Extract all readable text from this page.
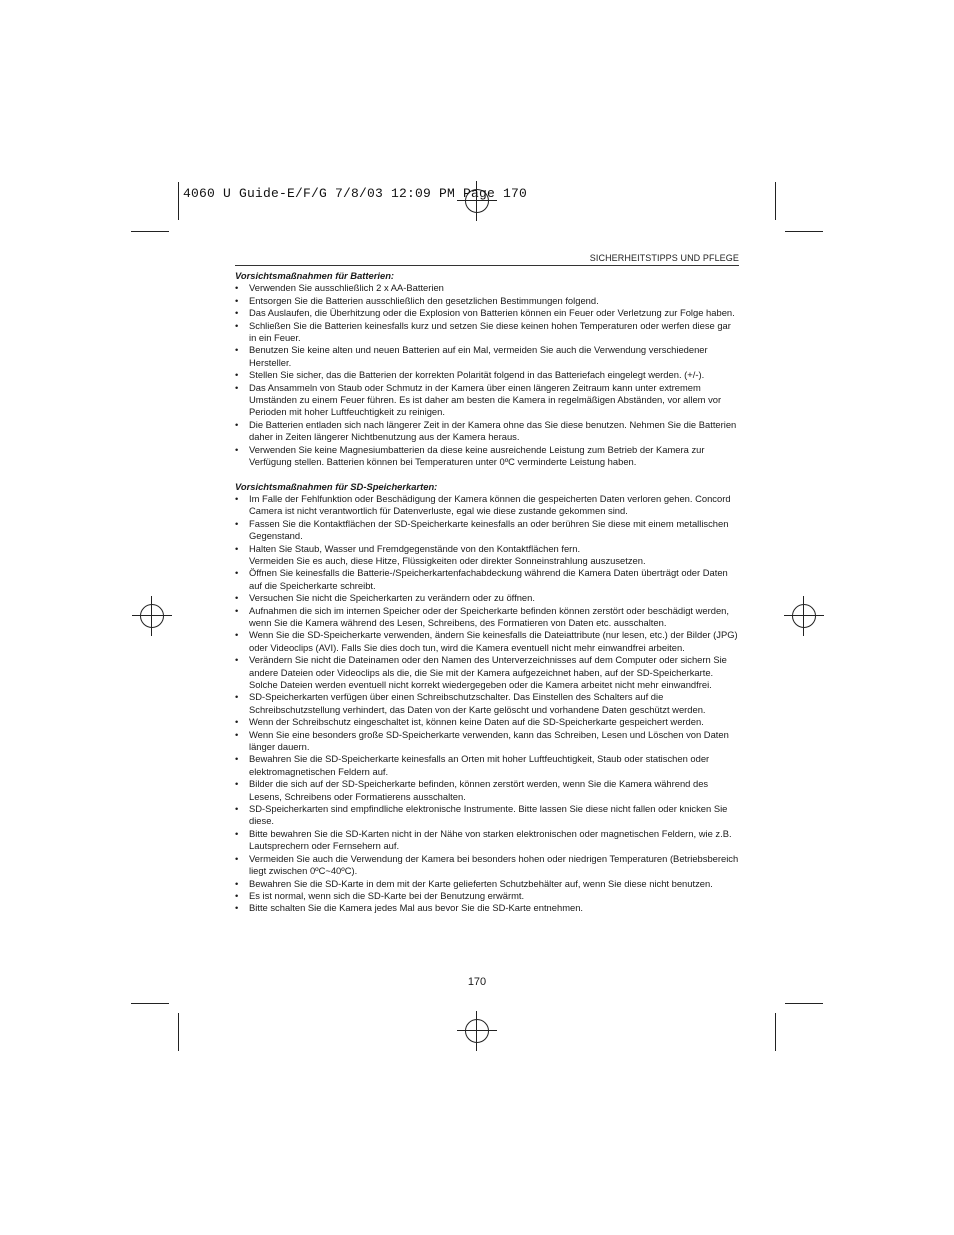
4060 U Guide-E/F/G 7/8/03 12:09 PM Page 170
SICHERHEITSTIPPS UND PFLEGE

Vorsichtsmaßnahmen für Batterien:

• Verwenden Sie ausschließlich 2 x AA-Batterien
• Entsorgen Sie die Batterien ausschließlich den gesetzlichen Bestimmungen folgend.
• Das Auslaufen, die Überhitzung oder die Explosion von Batterien können ein Feuer oder Verletzung zur Folge haben.
• Schließen Sie die Batterien keinesfalls kurz und setzen Sie diese keinen hohen Temperaturen oder werfen diese gar in ein Feuer.
• Benutzen Sie keine alten und neuen Batterien auf ein Mal, vermeiden Sie auch die Verwendung verschiedener Hersteller.
• Stellen Sie sicher, das die Batterien der korrekten Polarität folgend in das Batteriefach eingelegt werden. (+/-).
• Das Ansammeln von Staub oder Schmutz in der Kamera über einen längeren Zeitraum kann unter extremem Umständen zu einem Feuer führen. Es ist daher am besten die Kamera in regelmäßigen Abständen, vor allem vor Perioden mit hoher Luftfeuchtigkeit zu reinigen.
• Die Batterien entladen sich nach längerer Zeit in der Kamera ohne das Sie diese benutzen. Nehmen Sie die Batterien daher in Zeiten längerer Nichtbenutzung aus der Kamera heraus.
• Verwenden Sie keine Magnesiumbatterien da diese keine ausreichende Leistung zum Betrieb der Kamera zur Verfügung stellen. Batterien können bei Temperaturen unter 0ºC verminderte Leistung haben.

Vorsichtsmaßnahmen für SD-Speicherkarten:

• Im Falle der Fehlfunktion oder Beschädigung der Kamera können die gespeicherten Daten verloren gehen. Concord Camera ist nicht verantwortlich für Datenverluste, egal wie diese zustande gekommen sind.
• Fassen Sie die Kontaktflächen der SD-Speicherkarte keinesfalls an oder berühren Sie diese mit einem metallischen Gegenstand.
• Halten Sie Staub, Wasser und Fremdgegenstände von den Kontaktflächen fern.
Vermeiden Sie es auch, diese Hitze, Flüssigkeiten oder direkter Sonneinstrahlung auszusetzen.
• Öffnen Sie keinesfalls die Batterie-/Speicherkartenfachabdeckung während die Kamera Daten überträgt oder Daten auf die Speicherkarte schreibt.
• Versuchen Sie nicht die Speicherkarten zu verändern oder zu öffnen.
• Aufnahmen die sich im internen Speicher oder der Speicherkarte befinden können zerstört oder beschädigt werden, wenn Sie die Kamera während des Lesen, Schreibens, des Formatieren von Daten etc. ausschalten.
• Wenn Sie die SD-Speicherkarte verwenden, ändern Sie keinesfalls die Dateiattribute (nur lesen, etc.) der Bilder (JPG) oder Videoclips (AVI). Falls Sie dies doch tun, wird die Kamera eventuell nicht mehr einwandfrei arbeiten.
• Verändern Sie nicht die Dateinamen oder den Namen des Unterverzeichnisses auf dem Computer oder sichern Sie andere Dateien oder Videoclips als die, die Sie mit der Kamera aufgezeichnet haben, auf der SD-Speicherkarte. Solche Dateien werden eventuell nicht korrekt wiedergegeben oder die Kamera arbeitet nicht mehr einwandfrei.
• SD-Speicherkarten verfügen über einen Schreibschutzschalter. Das Einstellen des Schalters auf die Schreibschutzstellung verhindert, das Daten von der Karte gelöscht und vorhandene Daten geschützt werden.
• Wenn der Schreibschutz eingeschaltet ist, können keine Daten auf die SD-Speicherkarte gespeichert werden.
• Wenn Sie eine besonders große SD-Speicherkarte verwenden, kann das Schreiben, Lesen und Löschen von Daten länger dauern.
• Bewahren Sie die SD-Speicherkarte keinesfalls an Orten mit hoher Luftfeuchtigkeit, Staub oder statischen oder elektromagnetischen Feldern auf.
• Bilder die sich auf der SD-Speicherkarte befinden, können zerstört werden, wenn Sie die Kamera während des Lesens, Schreibens oder Formatierens ausschalten.
• SD-Speicherkarten sind empfindliche elektronische Instrumente. Bitte lassen Sie diese nicht fallen oder knicken Sie diese.
• Bitte bewahren Sie die SD-Karten nicht in der Nähe von starken elektronischen oder magnetischen Feldern, wie z.B. Lautsprechern oder Fernsehern auf.
• Vermeiden Sie auch die Verwendung der Kamera bei besonders hohen oder niedrigen Temperaturen (Betriebsbereich liegt zwischen 0ºC~40ºC).
• Bewahren Sie die SD-Karte in dem mit der Karte gelieferten Schutzbehälter auf, wenn Sie diese nicht benutzen.
• Es ist normal, wenn sich die SD-Karte bei der Benutzung erwärmt.
• Bitte schalten Sie die Kamera jedes Mal aus bevor Sie die SD-Karte entnehmen.
170
